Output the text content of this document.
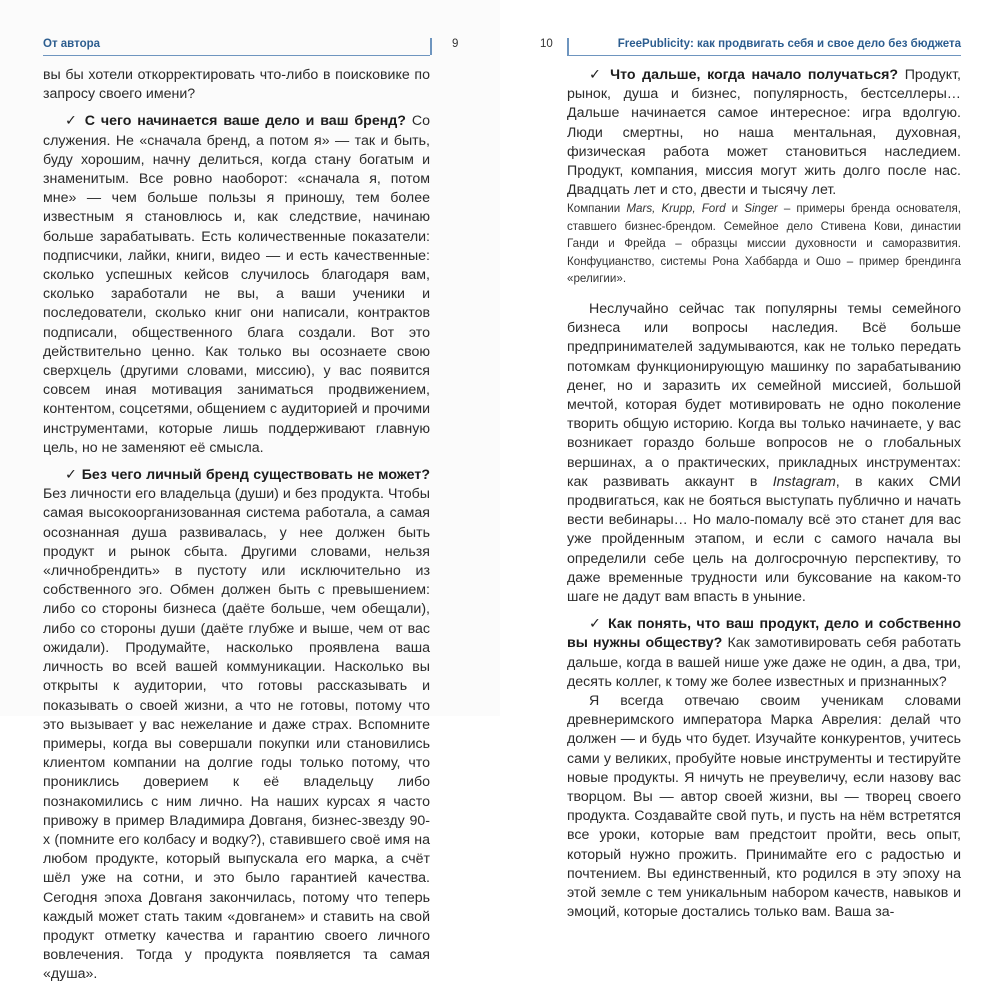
От автора	9

вы бы хотели откорректировать что-либо в поисковике по запросу своего имени?

✓ С чего начинается ваше дело и ваш бренд? Со служения. Не «сначала бренд, а потом я» — так и быть, буду хорошим, начну делиться, когда стану богатым и знаменитым. Все ровно наоборот: «сначала я, потом мне» — чем больше пользы я приношу, тем более известным я становлюсь и, как следствие, начинаю больше зарабатывать. Есть количественные показатели: подписчики, лайки, книги, видео — и есть качественные: сколько успешных кейсов случилось благодаря вам, сколько заработали не вы, а ваши ученики и последователи, сколько книг они написали, контрактов подписали, общественного блага создали. Вот это действительно ценно. Как только вы осознаете свою сверхцель (другими словами, миссию), у вас появится совсем иная мотивация заниматься продвижением, контентом, соцсетями, общением с аудиторией и прочими инструментами, которые лишь поддерживают главную цель, но не заменяют её смысла.

✓ Без чего личный бренд существовать не может? Без личности его владельца (души) и без продукта. Чтобы самая высокоорганизованная система работала, а самая осознанная душа развивалась, у нее должен быть продукт и рынок сбыта. Другими словами, нельзя «личнобрендить» в пустоту или исключительно из собственного эго. Обмен должен быть с превышением: либо со стороны бизнеса (даёте больше, чем обещали), либо со стороны души (даёте глубже и выше, чем от вас ожидали). Продумайте, насколько проявлена ваша личность во всей вашей коммуникации. Насколько вы открыты к аудитории, что готовы рассказывать и показывать о своей жизни, а что не готовы, потому что это вызывает у вас нежелание и даже страх. Вспомните примеры, когда вы совершали покупки или становились клиентом компании на долгие годы только потому, что прониклись доверием к её владельцу либо познакомились с ним лично. На наших курсах я часто привожу в пример Владимира Довганя, бизнес-звезду 90-х (помните его колбасу и водку?), ставившего своё имя на любом продукте, который выпускала его марка, а счёт шёл уже на сотни, и это было гарантией качества. Сегодня эпоха Довганя закончилась, потому что теперь каждый может стать таким «довганем» и ставить на свой продукт отметку качества и гарантию своего личного вовлечения. Тогда у продукта появляется та самая «душа».

10	FreePublicity: как продвигать себя и свое дело без бюджета

✓ Что дальше, когда начало получаться? Продукт, рынок, душа и бизнес, популярность, бестселлеры… Дальше начинается самое интересное: игра вдолгую. Люди смертны, но наша ментальная, духовная, физическая работа может становиться наследием. Продукт, компания, миссия могут жить долго после нас. Двадцать лет и сто, двести и тысячу лет.

Компании Mars, Krupp, Ford и Singer – примеры бренда основателя, ставшего бизнес-брендом. Семейное дело Стивена Кови, династии Ганди и Фрейда – образцы миссии духовности и саморазвития. Конфуцианство, системы Рона Хаббарда и Ошо – пример брендинга «религии».

Неслучайно сейчас так популярны темы семейного бизнеса или вопросы наследия. Всё больше предпринимателей задумываются, как не только передать потомкам функционирующую машинку по зарабатыванию денег, но и заразить их семейной миссией, большой мечтой, которая будет мотивировать не одно поколение творить общую историю. Когда вы только начинаете, у вас возникает гораздо больше вопросов не о глобальных вершинах, а о практических, прикладных инструментах: как развивать аккаунт в Instagram, в каких СМИ продвигаться, как не бояться выступать публично и начать вести вебинары… Но мало-помалу всё это станет для вас уже пройденным этапом, и если с самого начала вы определили себе цель на долгосрочную перспективу, то даже временные трудности или буксование на каком-то шаге не дадут вам впасть в уныние.

✓ Как понять, что ваш продукт, дело и собственно вы нужны обществу? Как замотивировать себя работать дальше, когда в вашей нише уже даже не один, а два, три, десять коллег, к тому же более известных и признанных?

Я всегда отвечаю своим ученикам словами древнеримского императора Марка Аврелия: делай что должен — и будь что будет. Изучайте конкурентов, учитесь сами у великих, пробуйте новые инструменты и тестируйте новые продукты. Я ничуть не преувеличу, если назову вас творцом. Вы — автор своей жизни, вы — творец своего продукта. Создавайте свой путь, и пусть на нём встретятся все уроки, которые вам предстоит пройти, весь опыт, который нужно прожить. Принимайте его с радостью и почтением. Вы единственный, кто родился в эту эпоху на этой земле с тем уникальным набором качеств, навыков и эмоций, которые достались только вам. Ваша за-
